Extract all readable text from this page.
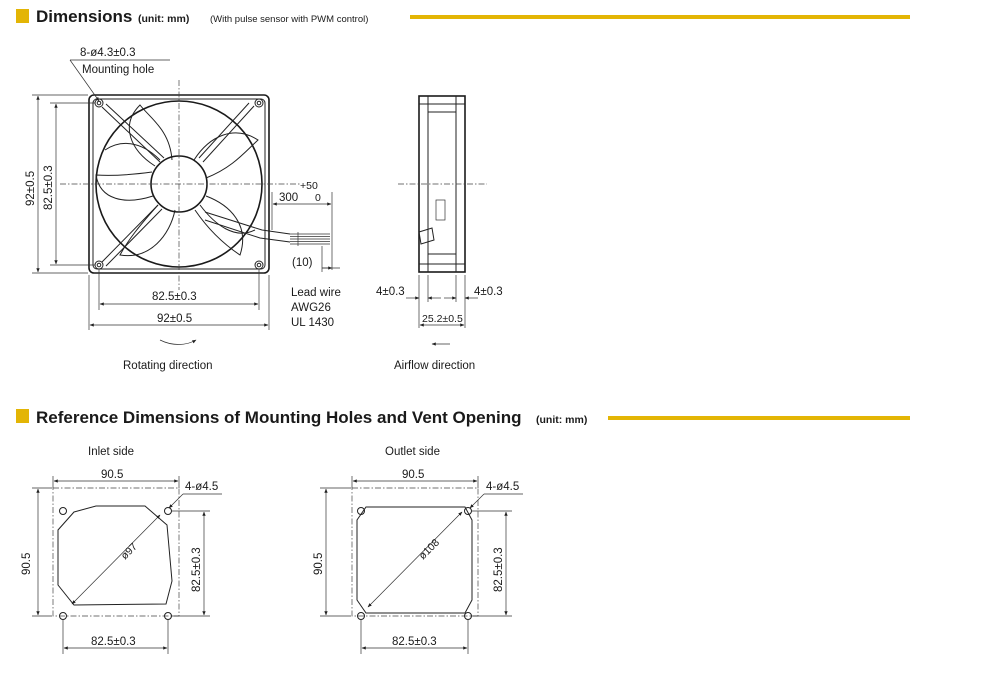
Dimensions (unit: mm) (With pulse sensor with PWM control)
8-ø4.3±0.3
Mounting hole
92±0.5 82.5±0.3
82.5±0.3
92±0.5
+50
300 0
(10)
Lead wire
AWG26
UL 1430
Rotating direction
4±0.3	4±0.3
25.2±0.5
Airflow direction
Reference Dimensions of Mounting Holes and Vent Opening (unit: mm)
Inlet side
ø97
90.5
4-ø4.5
90.5	82.5±0.3
82.5±0.3
Outlet side
ø108
90.5
4-ø4.5
90.5	82.5±0.3
82.5±0.3
